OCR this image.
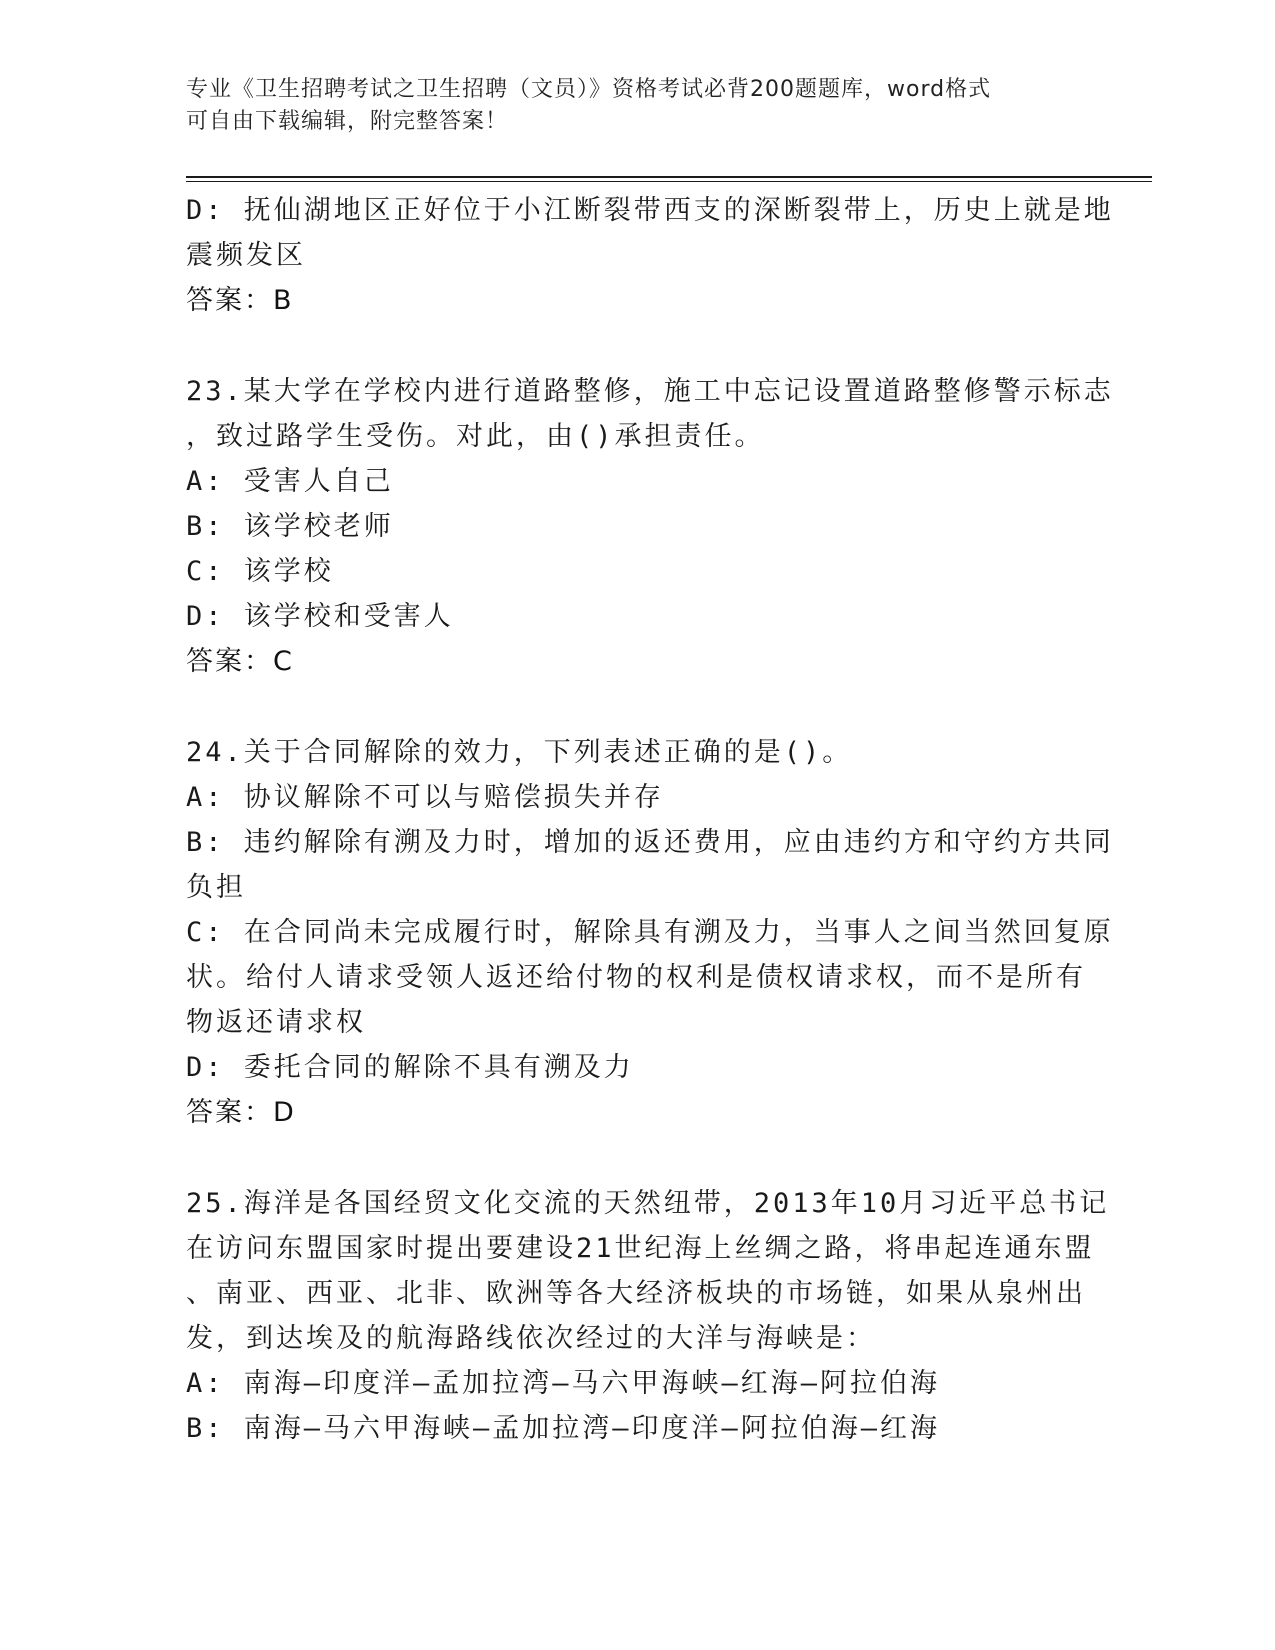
专业《卫生招聘考试之卫生招聘（文员）》资格考试必背200题题库，word格式
可自由下载编辑，附完整答案！
D: 抚仙湖地区正好位于小江断裂带西支的深断裂带上，历史上就是地
震频发区
答案：B
23.某大学在学校内进行道路整修，施工中忘记设置道路整修警示标志
，致过路学生受伤。对此，由()承担责任。
A: 受害人自己
B: 该学校老师
C: 该学校
D: 该学校和受害人
答案：C
24.关于合同解除的效力，下列表述正确的是()。
A: 协议解除不可以与赔偿损失并存
B: 违约解除有溯及力时，增加的返还费用，应由违约方和守约方共同
负担
C: 在合同尚未完成履行时，解除具有溯及力，当事人之间当然回复原
状。给付人请求受领人返还给付物的权利是债权请求权，而不是所有
物返还请求权
D: 委托合同的解除不具有溯及力
答案：D
25.海洋是各国经贸文化交流的天然纽带，2013年10月习近平总书记
在访问东盟国家时提出要建设21世纪海上丝绸之路，将串起连通东盟
、南亚、西亚、北非、欧洲等各大经济板块的市场链，如果从泉州出
发，到达埃及的航海路线依次经过的大洋与海峡是：
A: 南海—印度洋—孟加拉湾—马六甲海峡—红海—阿拉伯海
B: 南海—马六甲海峡—孟加拉湾—印度洋—阿拉伯海—红海
